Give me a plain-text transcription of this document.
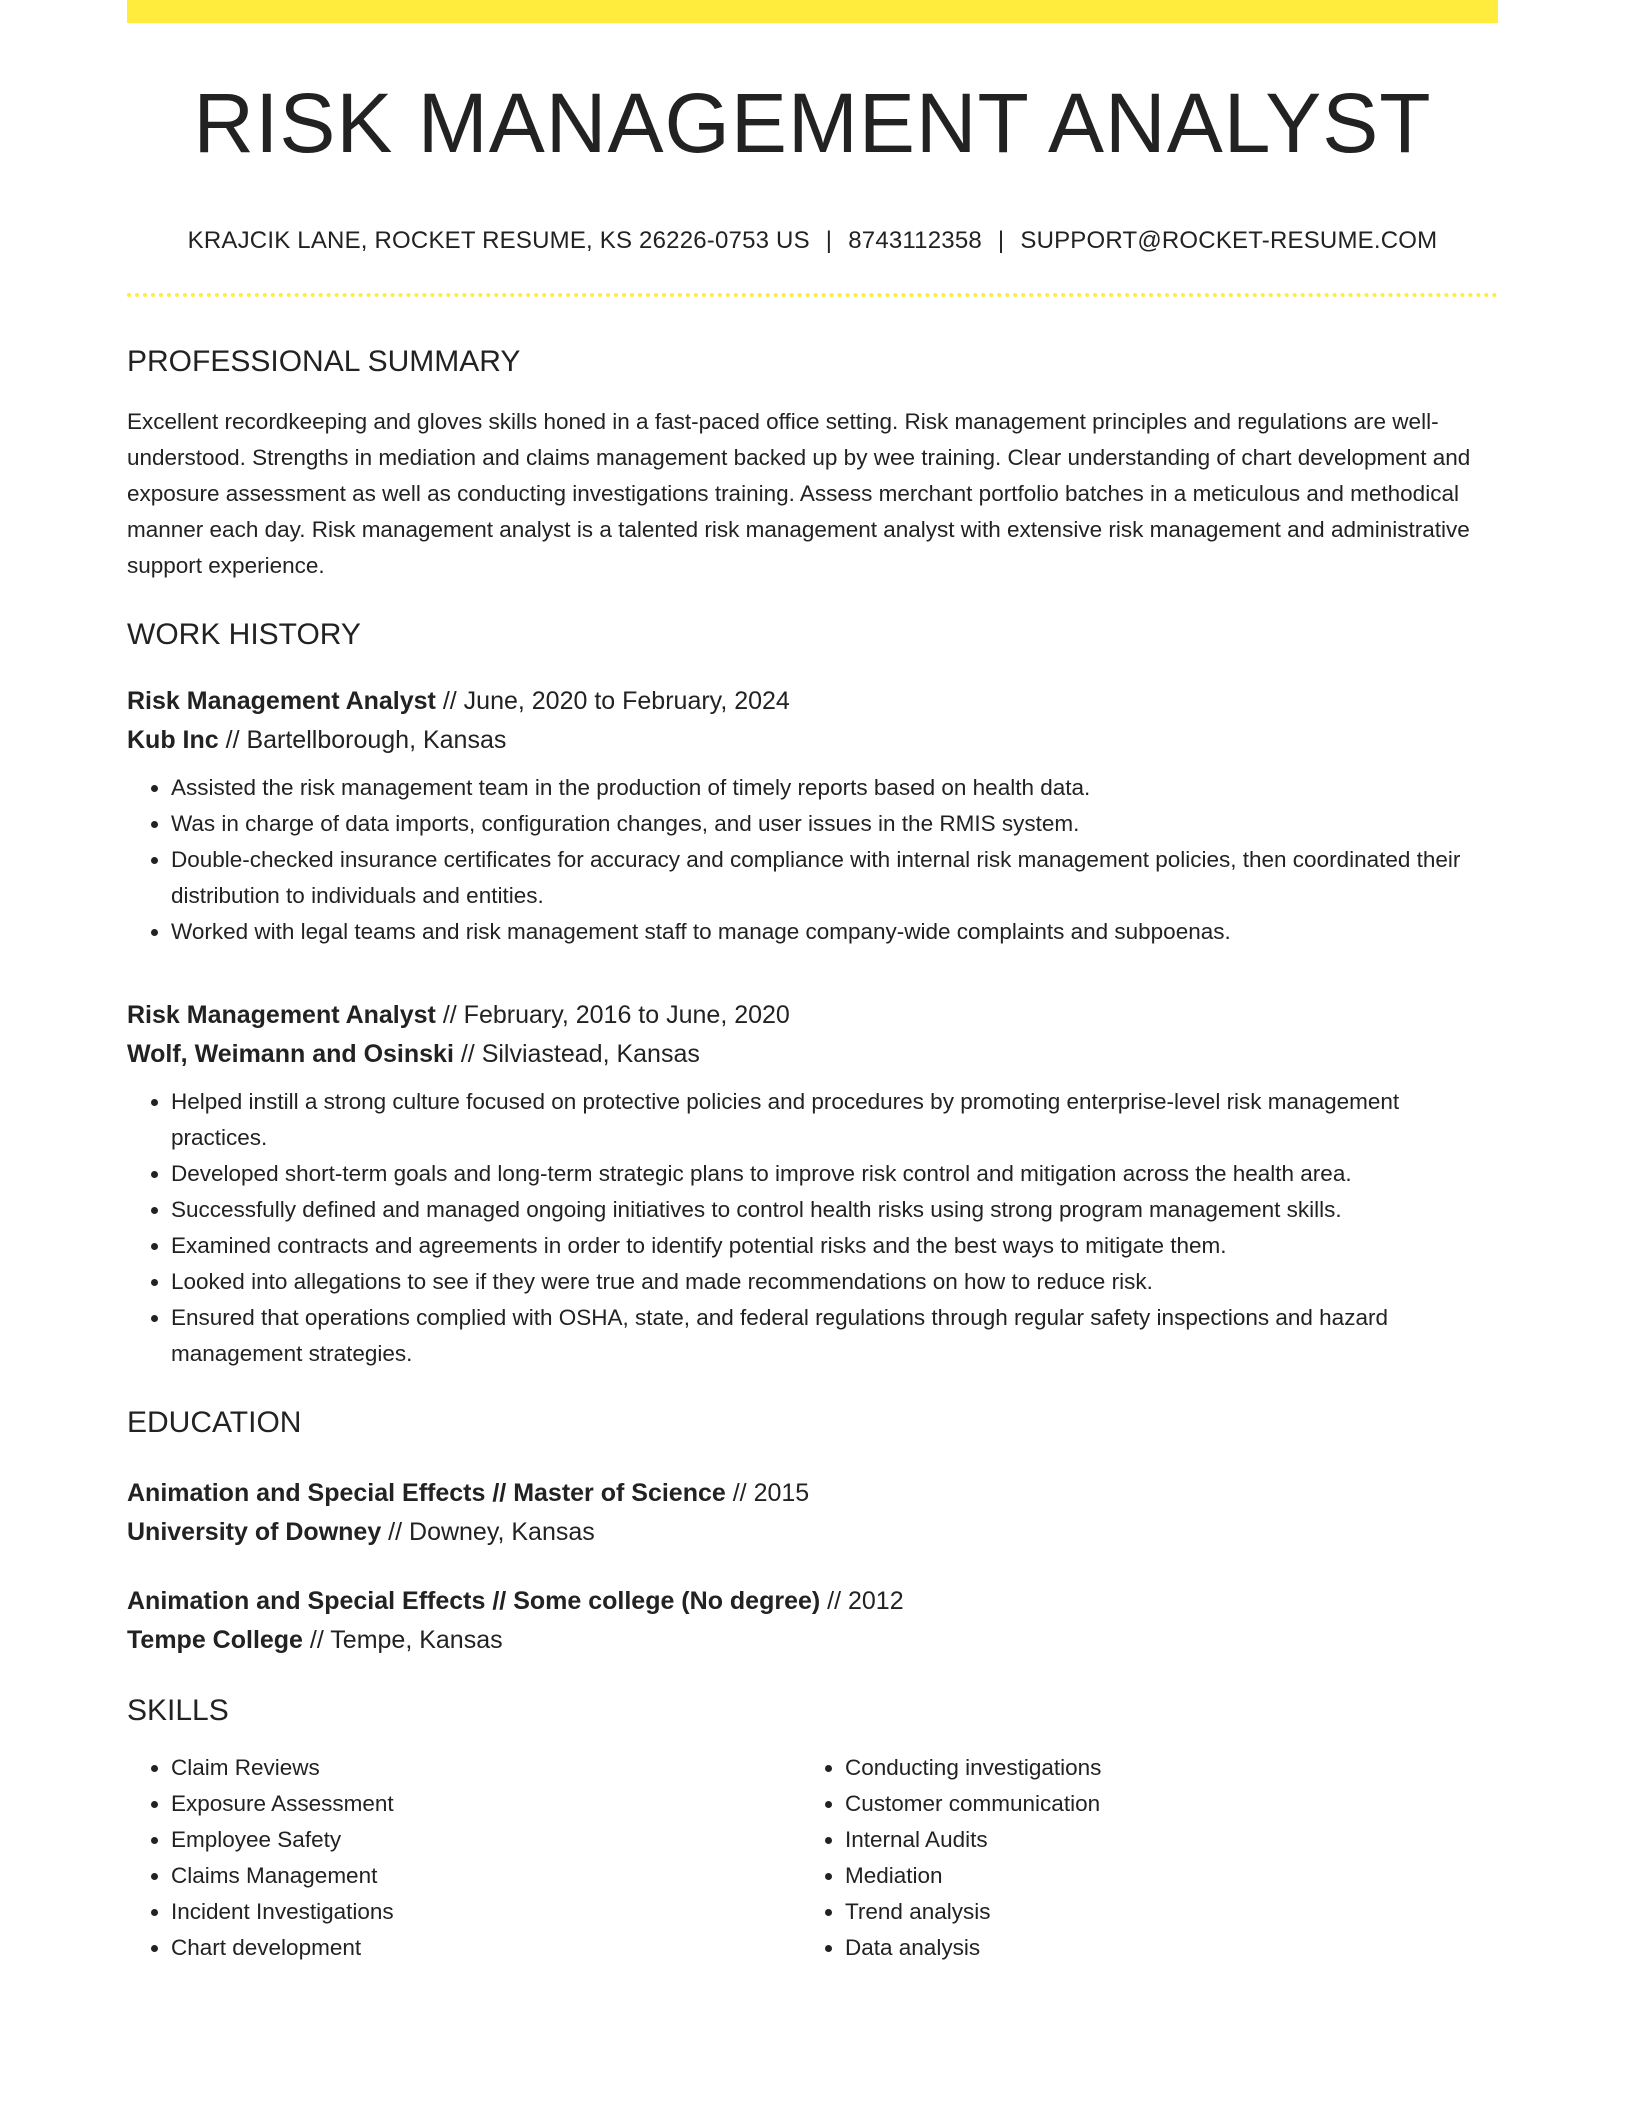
RISK MANAGEMENT ANALYST
KRAJCIK LANE, ROCKET RESUME, KS 26226-0753 US | 8743112358 | SUPPORT@ROCKET-RESUME.COM
PROFESSIONAL SUMMARY

Excellent recordkeeping and gloves skills honed in a fast-paced office setting. Risk management principles and regulations are well-understood. Strengths in mediation and claims management backed up by wee training. Clear understanding of chart development and exposure assessment as well as conducting investigations training. Assess merchant portfolio batches in a meticulous and methodical manner each day. Risk management analyst is a talented risk management analyst with extensive risk management and administrative support experience.

WORK HISTORY
Risk Management Analyst // June, 2020 to February, 2024
Kub Inc // Bartellborough, Kansas
• Assisted the risk management team in the production of timely reports based on health data.
• Was in charge of data imports, configuration changes, and user issues in the RMIS system.
• Double-checked insurance certificates for accuracy and compliance with internal risk management policies, then coordinated their distribution to individuals and entities.
• Worked with legal teams and risk management staff to manage company-wide complaints and subpoenas.
Risk Management Analyst // February, 2016 to June, 2020
Wolf, Weimann and Osinski // Silviastead, Kansas
• Helped instill a strong culture focused on protective policies and procedures by promoting enterprise-level risk management practices.
• Developed short-term goals and long-term strategic plans to improve risk control and mitigation across the health area.
• Successfully defined and managed ongoing initiatives to control health risks using strong program management skills.
• Examined contracts and agreements in order to identify potential risks and the best ways to mitigate them.
• Looked into allegations to see if they were true and made recommendations on how to reduce risk.
• Ensured that operations complied with OSHA, state, and federal regulations through regular safety inspections and hazard management strategies.
EDUCATION
Animation and Special Effects // Master of Science // 2015
University of Downey // Downey, Kansas
Animation and Special Effects // Some college (No degree) // 2012
Tempe College // Tempe, Kansas
SKILLS
• Claim Reviews
• Exposure Assessment
• Employee Safety
• Claims Management
• Incident Investigations
• Chart development
• Conducting investigations
• Customer communication
• Internal Audits
• Mediation
• Trend analysis
• Data analysis
